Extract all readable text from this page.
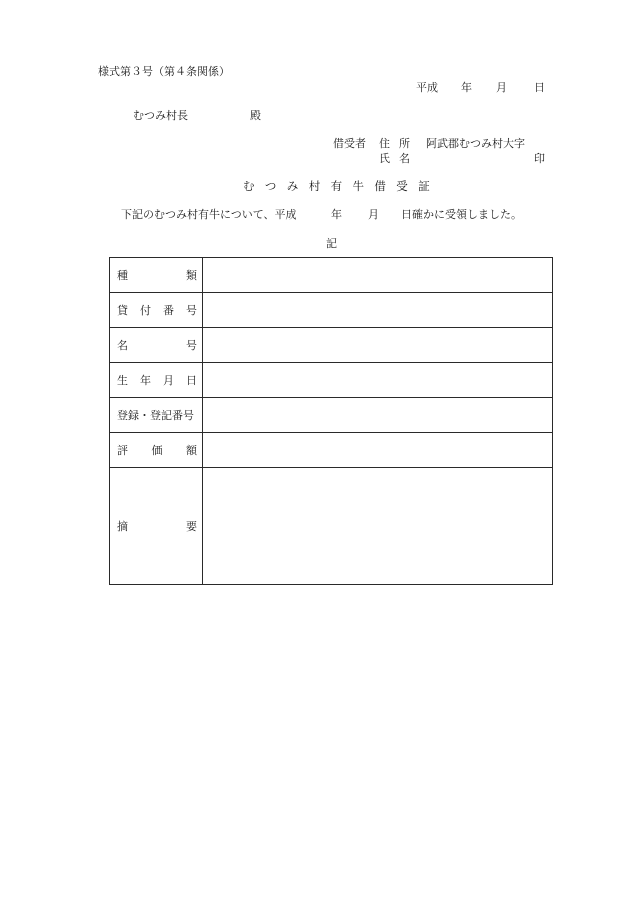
様式第３号（第４条関係）
平成 年 月 日
むつみ村長	殿
借受者 住所 阿武郡むつみ村大字
氏名	印
むつみ村有牛借受証
下記のむつみ村有牛について、平成	年 月 日確かに受領しました。
記
種 類	

貸 付 番 号	

名 号	

生 年 月 日	

登録・登記番号	

評 価 額	

摘 要	
